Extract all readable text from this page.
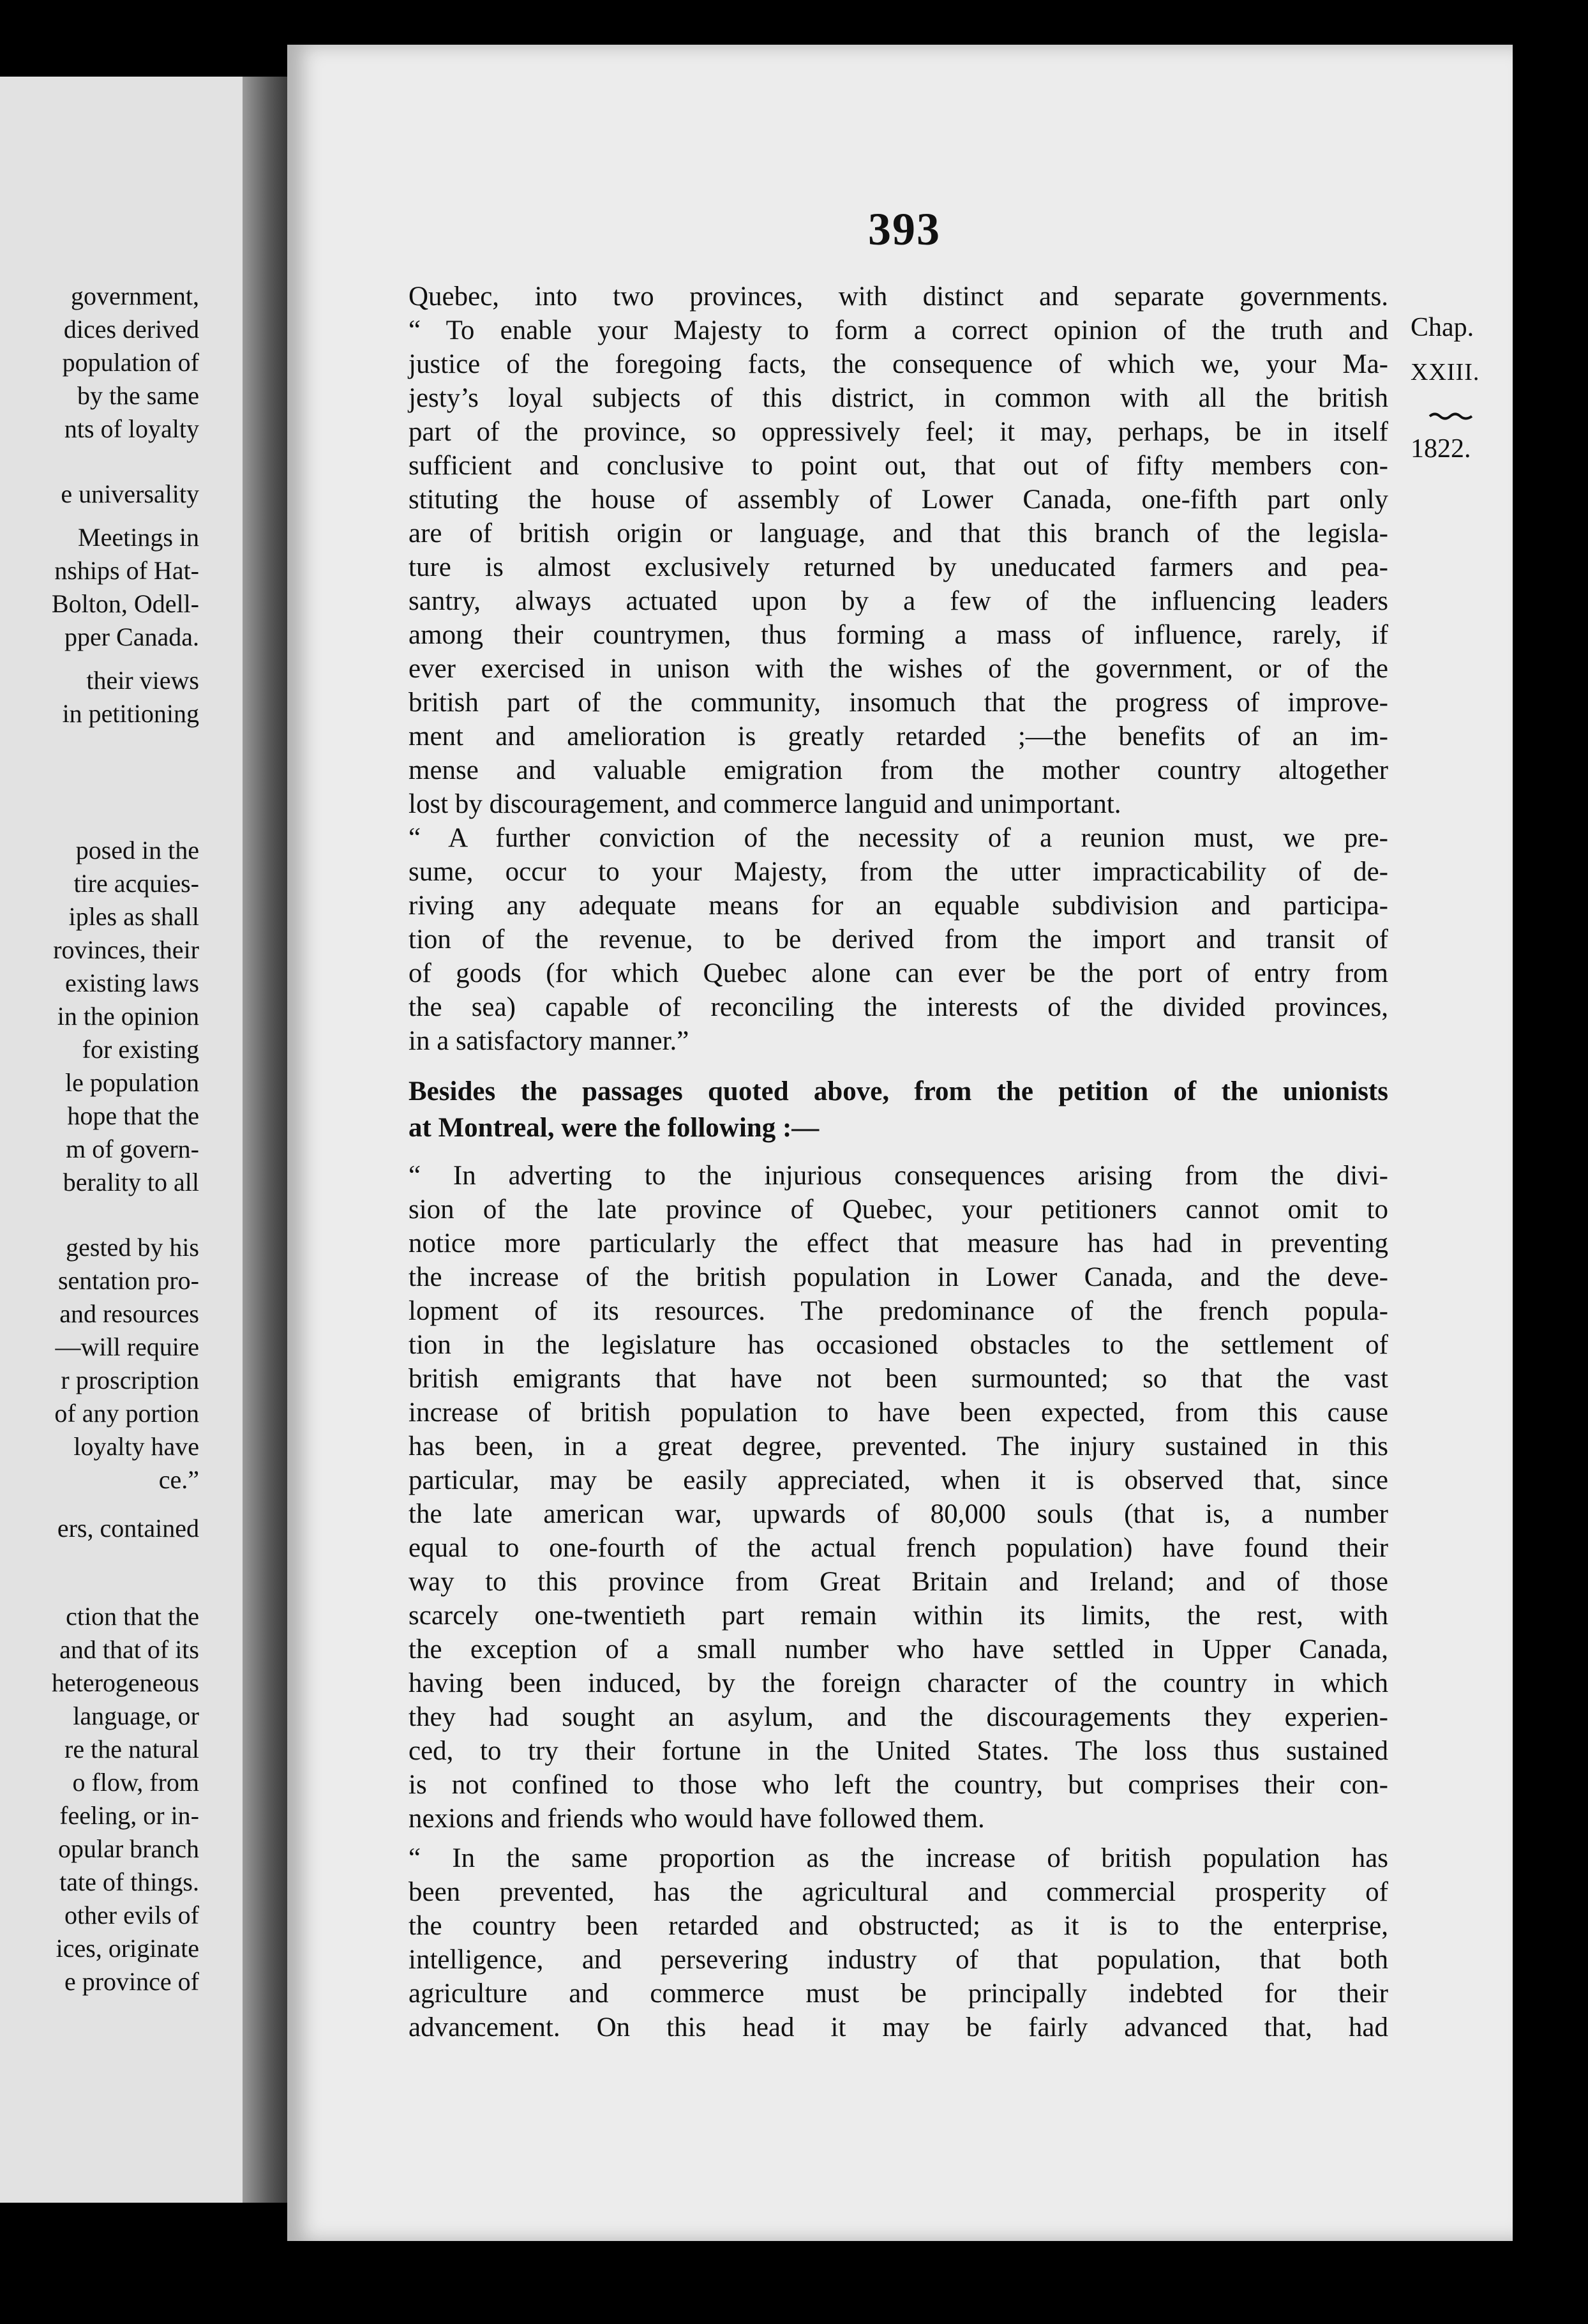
government,
dices derived
population of
by the same
nts of loyalty
e universality
Meetings in
nships of Hat-
Bolton, Odell-
pper Canada.
their views
in petitioning
posed in the
tire acquies-
iples as shall
rovinces, their
existing laws
in the opinion
for existing
le population
hope that the
m of govern-
berality to all
gested by his
sentation pro-
and resources
—will require
r proscription
of any portion
loyalty have
ce.”
ers, contained
ction that the
and that of its
heterogeneous
language, or
re the natural
o flow, from
feeling, or in-
opular branch
tate of things.
other evils of
ices, originate
e province of
393
Chap.
XXIII.
1822.
Quebec, into two provinces, with distinct and separate governments.
“ To enable your Majesty to form a correct opinion of the truth and
justice of the foregoing facts, the consequence of which we, your Ma-
jesty’s loyal subjects of this district, in common with all the british
part of the province, so oppressively feel; it may, perhaps, be in itself
sufficient and conclusive to point out, that out of fifty members con-
stituting the house of assembly of Lower Canada, one-fifth part only
are of british origin or language, and that this branch of the legisla-
ture is almost exclusively returned by uneducated farmers and pea-
santry, always actuated upon by a few of the influencing leaders
among their countrymen, thus forming a mass of influence, rarely, if
ever exercised in unison with the wishes of the government, or of the
british part of the community, insomuch that the progress of improve-
ment and amelioration is greatly retarded ;—the benefits of an im-
mense and valuable emigration from the mother country altogether
lost by discouragement, and commerce languid and unimportant.
“ A further conviction of the necessity of a reunion must, we pre-
sume, occur to your Majesty, from the utter impracticability of de-
riving any adequate means for an equable subdivision and participa-
tion of the revenue, to be derived from the import and transit of
of goods (for which Quebec alone can ever be the port of entry from
the sea) capable of reconciling the interests of the divided provinces,
in a satisfactory manner.”
Besides the passages quoted above, from the petition of the unionists
at Montreal, were the following :—
“ In adverting to the injurious consequences arising from the divi-
sion of the late province of Quebec, your petitioners cannot omit to
notice more particularly the effect that measure has had in preventing
the increase of the british population in Lower Canada, and the deve-
lopment of its resources. The predominance of the french popula-
tion in the legislature has occasioned obstacles to the settlement of
british emigrants that have not been surmounted; so that the vast
increase of british population to have been expected, from this cause
has been, in a great degree, prevented. The injury sustained in this
particular, may be easily appreciated, when it is observed that, since
the late american war, upwards of 80,000 souls (that is, a number
equal to one-fourth of the actual french population) have found their
way to this province from Great Britain and Ireland; and of those
scarcely one-twentieth part remain within its limits, the rest, with
the exception of a small number who have settled in Upper Canada,
having been induced, by the foreign character of the country in which
they had sought an asylum, and the discouragements they experien-
ced, to try their fortune in the United States. The loss thus sustained
is not confined to those who left the country, but comprises their con-
nexions and friends who would have followed them.
“ In the same proportion as the increase of british population has
been prevented, has the agricultural and commercial prosperity of
the country been retarded and obstructed; as it is to the enterprise,
intelligence, and persevering industry of that population, that both
agriculture and commerce must be principally indebted for their
advancement. On this head it may be fairly advanced that, had
